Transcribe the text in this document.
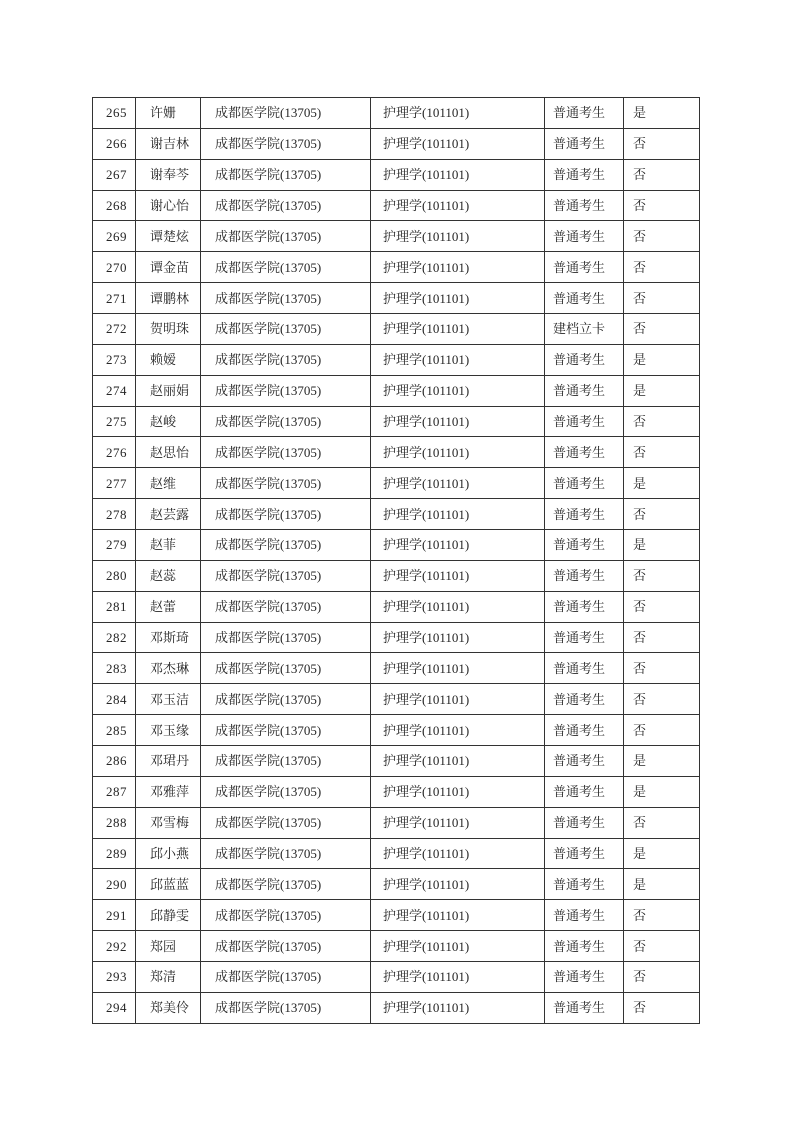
265	许姗	成都医学院(13705)	护理学(101101)	普通考生	是
266	谢吉林	成都医学院(13705)	护理学(101101)	普通考生	否
267	谢奉芩	成都医学院(13705)	护理学(101101)	普通考生	否
268	谢心怡	成都医学院(13705)	护理学(101101)	普通考生	否
269	谭楚炫	成都医学院(13705)	护理学(101101)	普通考生	否
270	谭金苗	成都医学院(13705)	护理学(101101)	普通考生	否
271	谭鹏林	成都医学院(13705)	护理学(101101)	普通考生	否
272	贺明珠	成都医学院(13705)	护理学(101101)	建档立卡	否
273	赖嫒	成都医学院(13705)	护理学(101101)	普通考生	是
274	赵丽娟	成都医学院(13705)	护理学(101101)	普通考生	是
275	赵峻	成都医学院(13705)	护理学(101101)	普通考生	否
276	赵思怡	成都医学院(13705)	护理学(101101)	普通考生	否
277	赵维	成都医学院(13705)	护理学(101101)	普通考生	是
278	赵芸露	成都医学院(13705)	护理学(101101)	普通考生	否
279	赵菲	成都医学院(13705)	护理学(101101)	普通考生	是
280	赵蕊	成都医学院(13705)	护理学(101101)	普通考生	否
281	赵蕾	成都医学院(13705)	护理学(101101)	普通考生	否
282	邓斯琦	成都医学院(13705)	护理学(101101)	普通考生	否
283	邓杰琳	成都医学院(13705)	护理学(101101)	普通考生	否
284	邓玉洁	成都医学院(13705)	护理学(101101)	普通考生	否
285	邓玉缘	成都医学院(13705)	护理学(101101)	普通考生	否
286	邓珺丹	成都医学院(13705)	护理学(101101)	普通考生	是
287	邓雅萍	成都医学院(13705)	护理学(101101)	普通考生	是
288	邓雪梅	成都医学院(13705)	护理学(101101)	普通考生	否
289	邱小燕	成都医学院(13705)	护理学(101101)	普通考生	是
290	邱蓝蓝	成都医学院(13705)	护理学(101101)	普通考生	是
291	邱静雯	成都医学院(13705)	护理学(101101)	普通考生	否
292	郑园	成都医学院(13705)	护理学(101101)	普通考生	否
293	郑清	成都医学院(13705)	护理学(101101)	普通考生	否
294	郑美伶	成都医学院(13705)	护理学(101101)	普通考生	否
